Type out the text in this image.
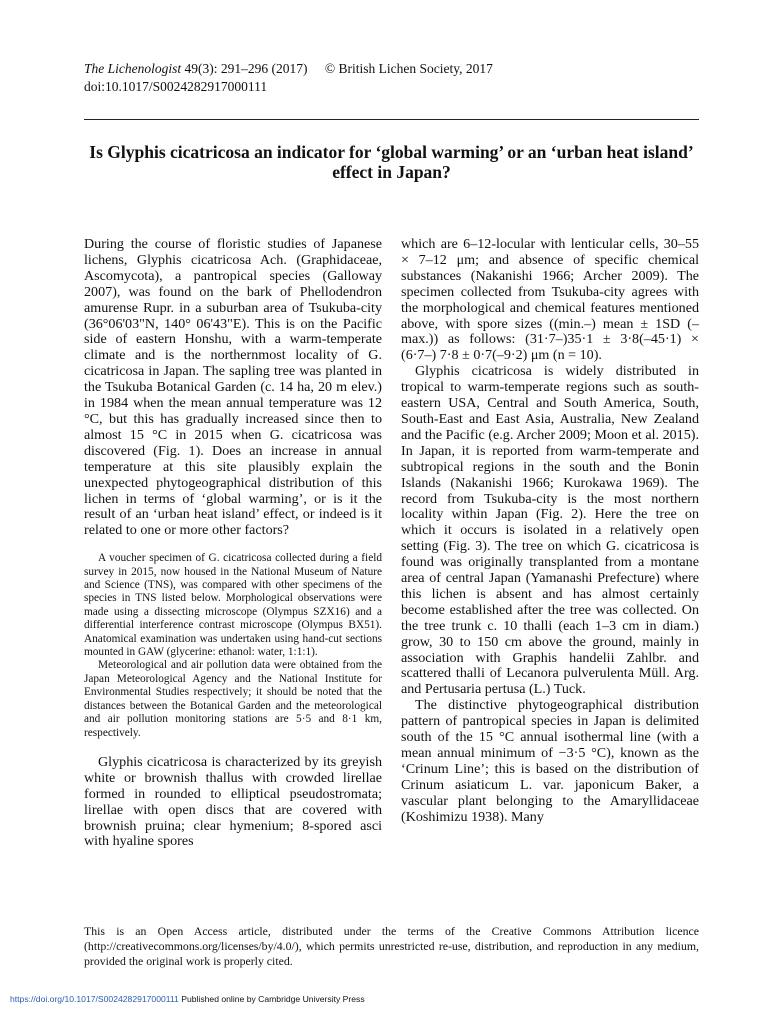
The Lichenologist 49(3): 291–296 (2017) © British Lichen Society, 2017
doi:10.1017/S0024282917000111
Is Glyphis cicatricosa an indicator for ‘global warming’ or an ‘urban heat island’ effect in Japan?

During the course of floristic studies of Japanese lichens, Glyphis cicatricosa Ach. (Graphidaceae, Ascomycota), a pantropical species (Galloway 2007), was found on the bark of Phellodendron amurense Rupr. in a suburban area of Tsukuba-city (36°06'03"N, 140° 06'43"E). This is on the Pacific side of eastern Honshu, with a warm-temperate climate and is the northernmost locality of G. cicatricosa in Japan. The sapling tree was planted in the Tsukuba Botanical Garden (c. 14 ha, 20 m elev.) in 1984 when the mean annual temperature was 12 °C, but this has gradually increased since then to almost 15 °C in 2015 when G. cicatricosa was discovered (Fig. 1). Does an increase in annual temperature at this site plausibly explain the unexpected phytogeographical distribution of this lichen in terms of ‘global warming’, or is it the result of an ‘urban heat island’ effect, or indeed is it related to one or more other factors?

A voucher specimen of G. cicatricosa collected during a field survey in 2015, now housed in the National Museum of Nature and Science (TNS), was compared with other specimens of the species in TNS listed below. Morphological observations were made using a dissecting microscope (Olympus SZX16) and a differential interference contrast microscope (Olympus BX51). Anatomical examination was undertaken using hand-cut sections mounted in GAW (glycerine: ethanol: water, 1:1:1).

Meteorological and air pollution data were obtained from the Japan Meteorological Agency and the National Institute for Environmental Studies respectively; it should be noted that the distances between the Botanical Garden and the meteorological and air pollution monitoring stations are 5·5 and 8·1 km, respectively.

Glyphis cicatricosa is characterized by its greyish white or brownish thallus with crowded lirellae formed in rounded to elliptical pseudostromata; lirellae with open discs that are covered with brownish pruina; clear hymenium; 8-spored asci with hyaline spores

which are 6–12-locular with lenticular cells, 30–55 × 7–12 μm; and absence of specific chemical substances (Nakanishi 1966; Archer 2009). The specimen collected from Tsukuba-city agrees with the morphological and chemical features mentioned above, with spore sizes ((min.–) mean ± 1SD (–max.)) as follows: (31·7–)35·1 ± 3·8(–45·1) × (6·7–) 7·8 ± 0·7(–9·2) μm (n = 10).

Glyphis cicatricosa is widely distributed in tropical to warm-temperate regions such as south-eastern USA, Central and South America, South, South-East and East Asia, Australia, New Zealand and the Pacific (e.g. Archer 2009; Moon et al. 2015). In Japan, it is reported from warm-temperate and subtropical regions in the south and the Bonin Islands (Nakanishi 1966; Kurokawa 1969). The record from Tsukuba-city is the most northern locality within Japan (Fig. 2). Here the tree on which it occurs is isolated in a relatively open setting (Fig. 3). The tree on which G. cicatricosa is found was originally transplanted from a montane area of central Japan (Yamanashi Prefecture) where this lichen is absent and has almost certainly become established after the tree was collected. On the tree trunk c. 10 thalli (each 1–3 cm in diam.) grow, 30 to 150 cm above the ground, mainly in association with Graphis handelii Zahlbr. and scattered thalli of Lecanora pulverulenta Müll. Arg. and Pertusaria pertusa (L.) Tuck.

The distinctive phytogeographical distribution pattern of pantropical species in Japan is delimited south of the 15 °C annual isothermal line (with a mean annual minimum of −3·5 °C), known as the ‘Crinum Line’; this is based on the distribution of Crinum asiaticum L. var. japonicum Baker, a vascular plant belonging to the Amaryllidaceae (Koshimizu 1938). Many

This is an Open Access article, distributed under the terms of the Creative Commons Attribution licence (http://creativecommons.org/licenses/by/4.0/), which permits unrestricted re-use, distribution, and reproduction in any medium, provided the original work is properly cited.

https://doi.org/10.1017/S0024282917000111 Published online by Cambridge University Press
